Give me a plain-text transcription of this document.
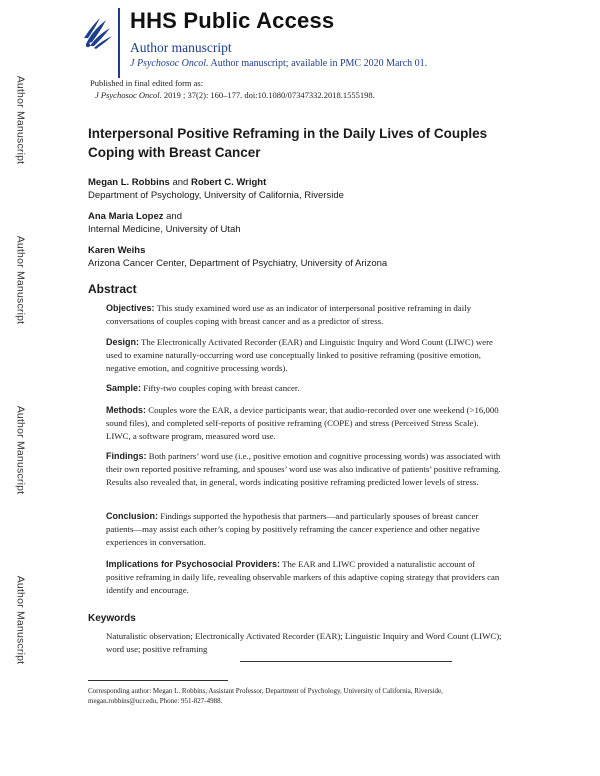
Author Manuscript
Author Manuscript
Author Manuscript
Author Manuscript
HHS Public Access
Author manuscript
J Psychosoc Oncol. Author manuscript; available in PMC 2020 March 01.
Published in final edited form as:
J Psychosoc Oncol. 2019 ; 37(2): 160–177. doi:10.1080/07347332.2018.1555198.
Interpersonal Positive Reframing in the Daily Lives of Couples Coping with Breast Cancer
Megan L. Robbins and Robert C. Wright
Department of Psychology, University of California, Riverside
Ana Maria Lopez and
Internal Medicine, University of Utah
Karen Weihs
Arizona Cancer Center, Department of Psychiatry, University of Arizona
Abstract
Objectives: This study examined word use as an indicator of interpersonal positive reframing in daily conversations of couples coping with breast cancer and as a predictor of stress.
Design: The Electronically Activated Recorder (EAR) and Linguistic Inquiry and Word Count (LIWC) were used to examine naturally-occurring word use conceptually linked to positive reframing (positive emotion, negative emotion, and cognitive processing words).
Sample: Fifty-two couples coping with breast cancer.
Methods: Couples wore the EAR, a device participants wear, that audio-recorded over one weekend (>16,000 sound files), and completed self-reports of positive reframing (COPE) and stress (Perceived Stress Scale). LIWC, a software program, measured word use.
Findings: Both partners’ word use (i.e., positive emotion and cognitive processing words) was associated with their own reported positive reframing, and spouses’ word use was also indicative of patients’ positive reframing. Results also revealed that, in general, words indicating positive reframing predicted lower levels of stress.
Conclusion: Findings supported the hypothesis that partners—and particularly spouses of breast cancer patients—may assist each other’s coping by positively reframing the cancer experience and other negative experiences in conversation.
Implications for Psychosocial Providers: The EAR and LIWC provided a naturalistic account of positive reframing in daily life, revealing observable markers of this adaptive coping strategy that providers can identify and encourage.
Keywords
Naturalistic observation; Electronically Activated Recorder (EAR); Linguistic Inquiry and Word Count (LIWC); word use; positive reframing
Corresponding author: Megan L. Robbins, Assistant Professor, Department of Psychology, University of California, Riverside, megan.robbins@ucr.edu, Phone: 951-827-4988.
